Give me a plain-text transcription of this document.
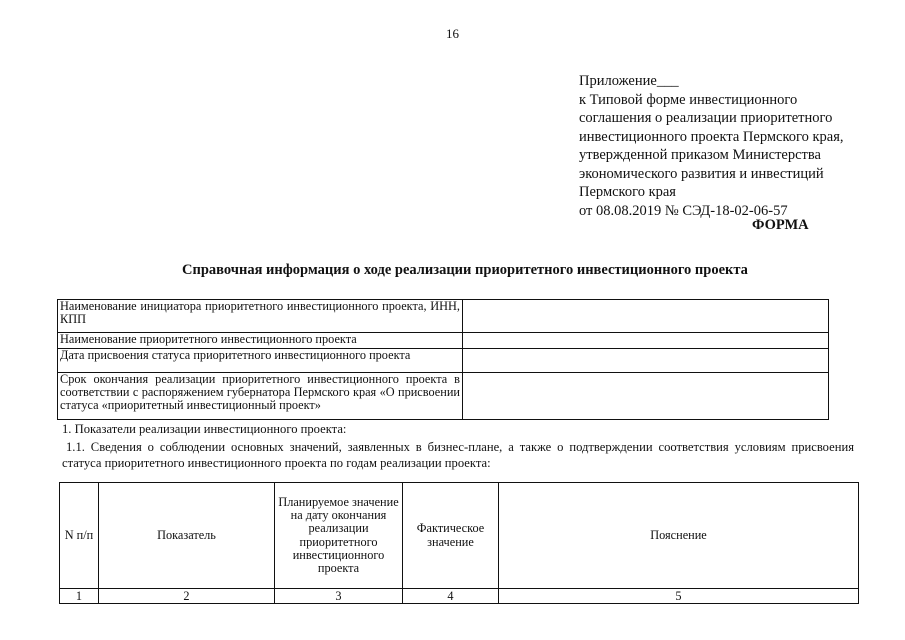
16
Приложение___
к Типовой форме инвестиционного
соглашения о реализации приоритетного
инвестиционного проекта Пермского края,
утвержденной приказом Министерства
экономического развития и инвестиций
Пермского края
от 08.08.2019 № СЭД-18-02-06-57
ФОРМА
Справочная информация о ходе реализации приоритетного инвестиционного проекта
Наименование инициатора приоритетного инвестиционного проекта, ИНН, КПП	
Наименование приоритетного инвестиционного проекта	
Дата присвоения статуса приоритетного инвестиционного проекта	
Срок окончания реализации приоритетного инвестиционного проекта в соответствии с распоряжением губернатора Пермского края «О присвоении статуса «приоритетный инвестиционный проект»	
1. Показатели реализации инвестиционного проекта:
1.1. Сведения о соблюдении основных значений, заявленных в бизнес-плане, а также о подтверждении соответствия условиям присвоения статуса приоритетного инвестиционного проекта по годам реализации проекта:
N п/п	Показатель	Планируемое значение на дату окончания реализации приоритетного инвестиционного проекта	Фактическое значение	Пояснение
1	2	3	4	5
